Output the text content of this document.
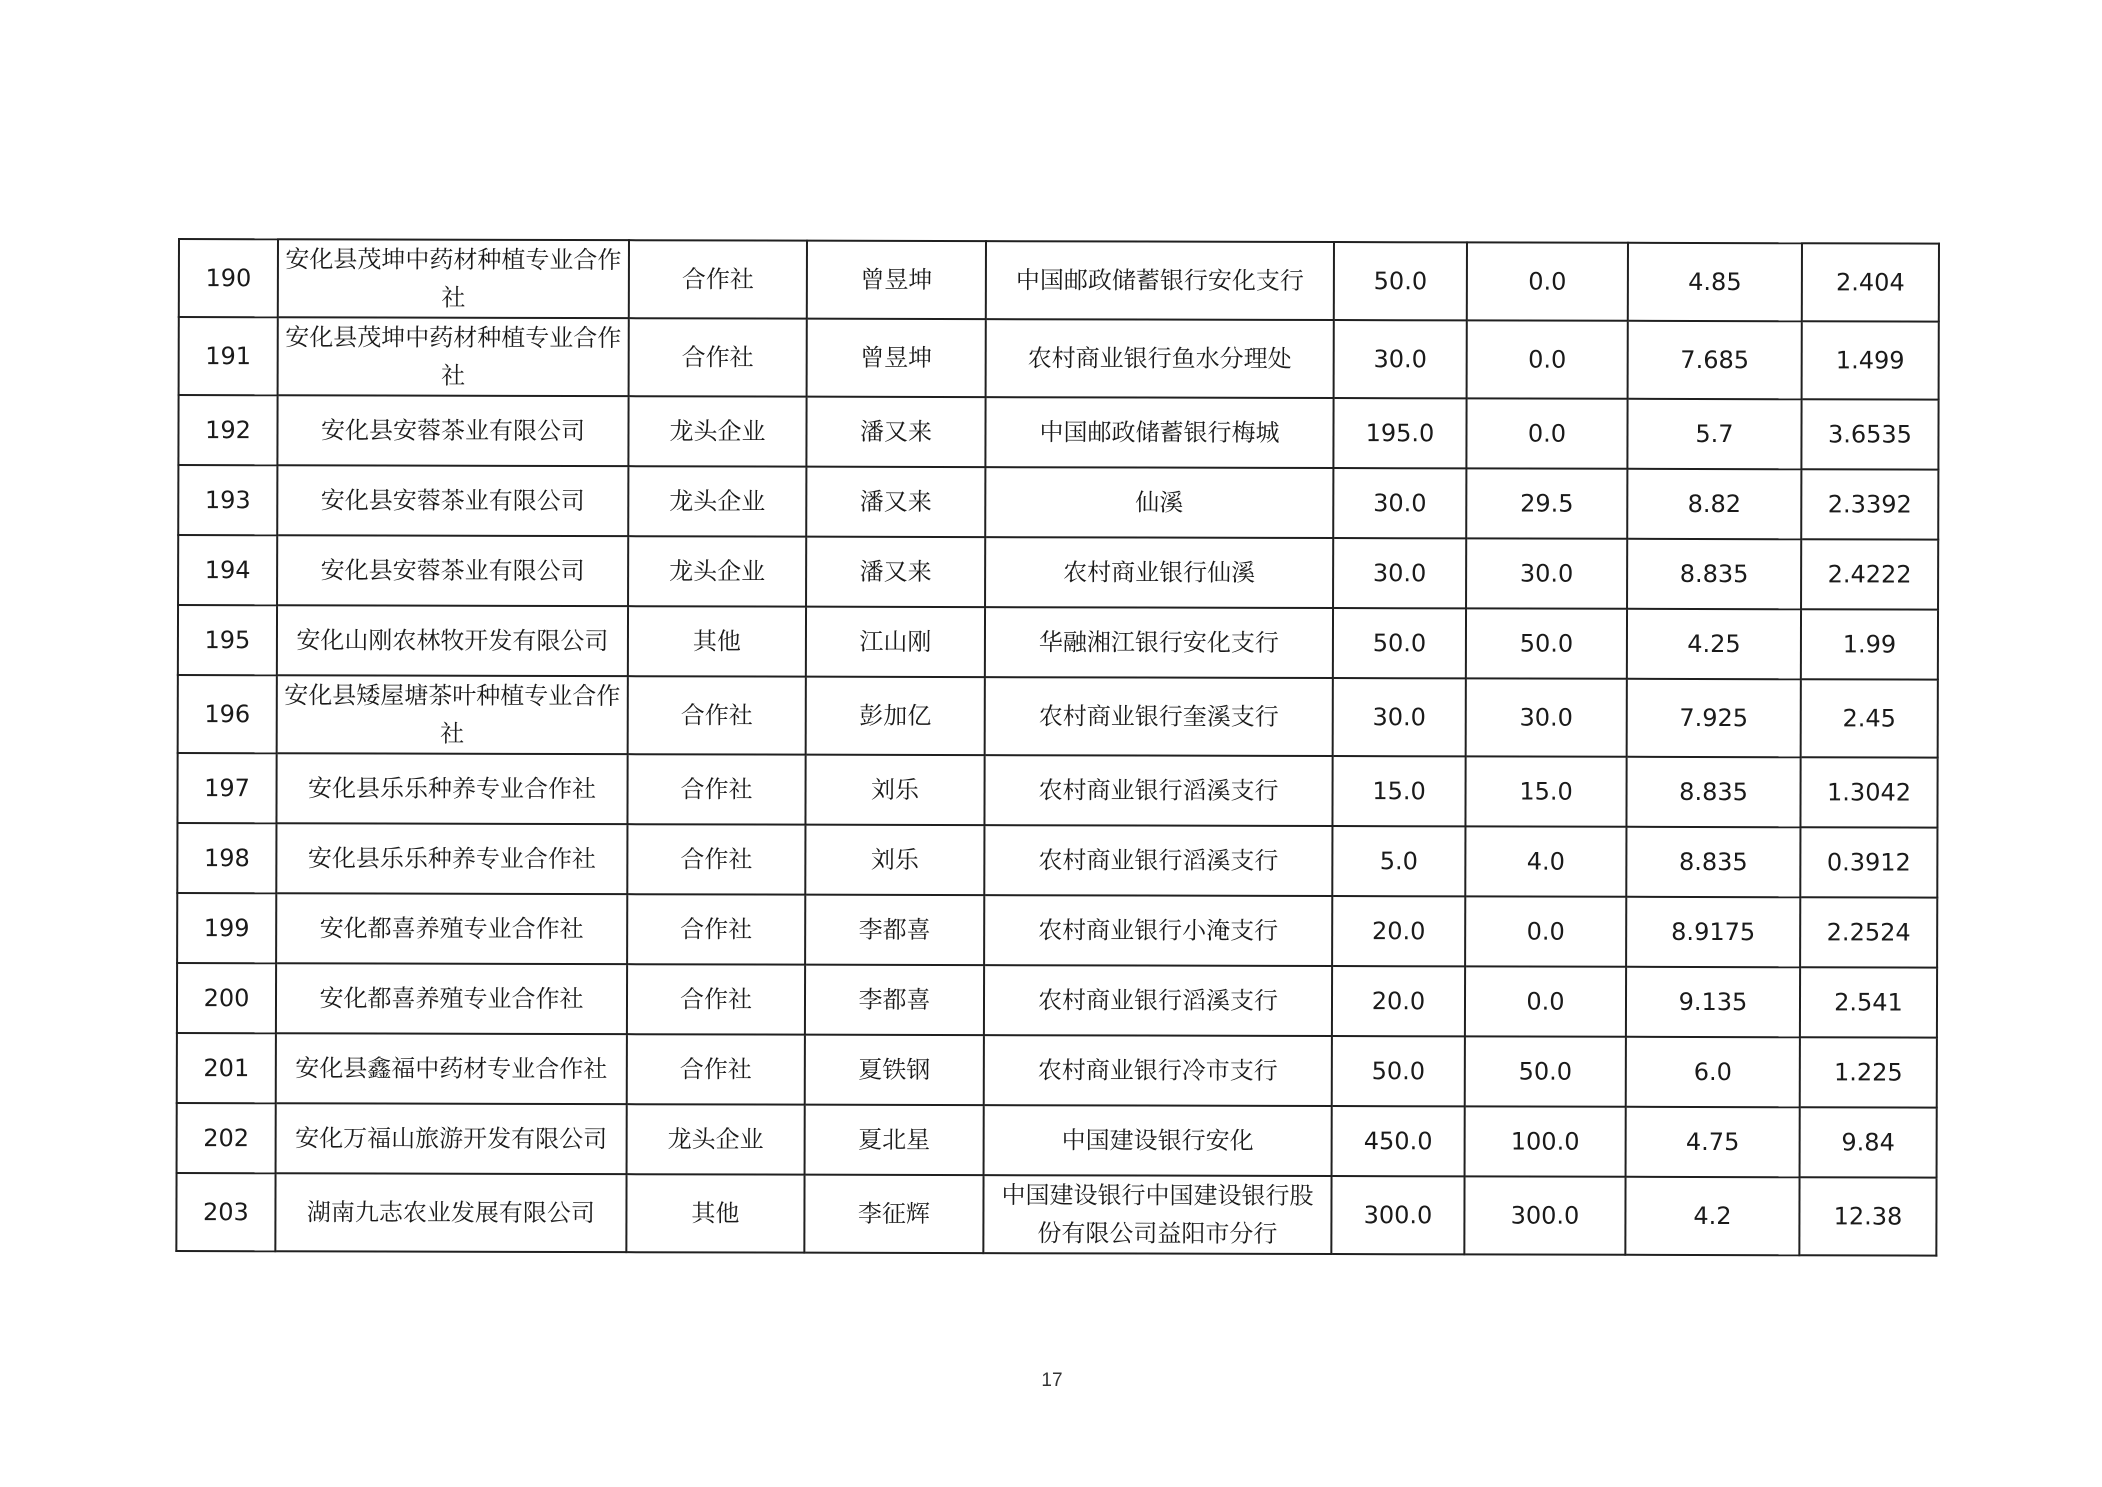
190	安化县茂坤中药材种植专业合作社	合作社	曾昱坤	中国邮政储蓄银行安化支行	50.0	0.0	4.85	2.404
191	安化县茂坤中药材种植专业合作社	合作社	曾昱坤	农村商业银行鱼水分理处	30.0	0.0	7.685	1.499
192	安化县安蓉茶业有限公司	龙头企业	潘又来	中国邮政储蓄银行梅城	195.0	0.0	5.7	3.6535
193	安化县安蓉茶业有限公司	龙头企业	潘又来	仙溪	30.0	29.5	8.82	2.3392
194	安化县安蓉茶业有限公司	龙头企业	潘又来	农村商业银行仙溪	30.0	30.0	8.835	2.4222
195	安化山刚农林牧开发有限公司	其他	江山刚	华融湘江银行安化支行	50.0	50.0	4.25	1.99
196	安化县矮屋塘茶叶种植专业合作社	合作社	彭加亿	农村商业银行奎溪支行	30.0	30.0	7.925	2.45
197	安化县乐乐种养专业合作社	合作社	刘乐	农村商业银行滔溪支行	15.0	15.0	8.835	1.3042
198	安化县乐乐种养专业合作社	合作社	刘乐	农村商业银行滔溪支行	5.0	4.0	8.835	0.3912
199	安化都喜养殖专业合作社	合作社	李都喜	农村商业银行小淹支行	20.0	0.0	8.9175	2.2524
200	安化都喜养殖专业合作社	合作社	李都喜	农村商业银行滔溪支行	20.0	0.0	9.135	2.541
201	安化县鑫福中药材专业合作社	合作社	夏铁钢	农村商业银行冷市支行	50.0	50.0	6.0	1.225
202	安化万福山旅游开发有限公司	龙头企业	夏北星	中国建设银行安化	450.0	100.0	4.75	9.84
203	湖南九志农业发展有限公司	其他	李征辉	中国建设银行中国建设银行股份有限公司益阳市分行	300.0	300.0	4.2	12.38
17
